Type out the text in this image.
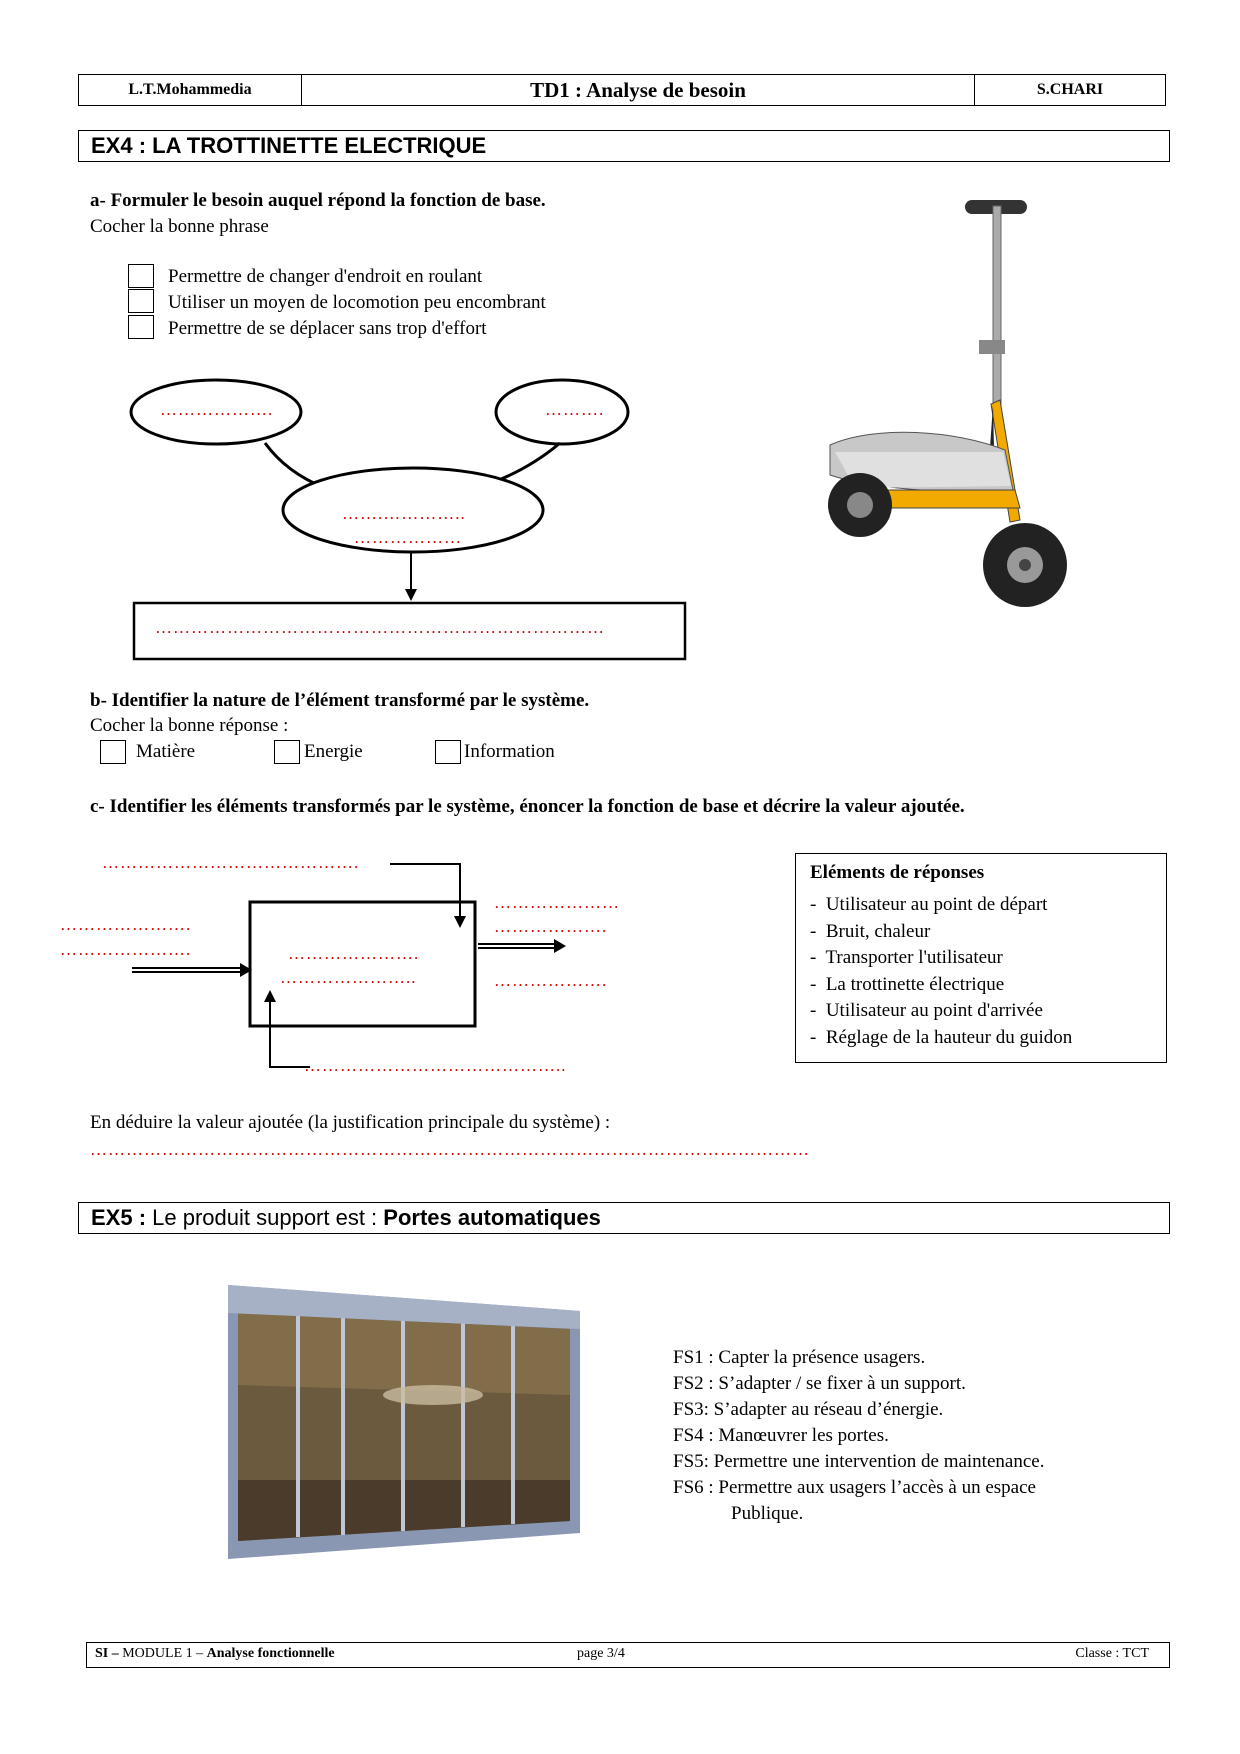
L.T.Mohammedia	TD1 : Analyse de besoin	S.CHARI
EX4 : LA TROTTINETTE ELECTRIQUE
a- Formuler le besoin auquel répond la fonction de base.
Cocher la bonne phrase
Permettre de changer d'endroit en roulant
Utiliser un moyen de locomotion peu encombrant
Permettre de se déplacer sans trop d'effort
……………….	……….
…….…………..
………………
…………………………………………………………………
b- Identifier la nature de l’élément transformé par le système.
Cocher la bonne réponse :
Matière	Energie	Information
c- Identifier les éléments transformés par le système, énoncer la fonction de base et décrire la valeur ajoutée.
…………………………………….
………………….
………………….	………………….
…………………..
…………………
……………….
……………….
……………………………………..
Eléments de réponses
-  Utilisateur au point de départ
-  Bruit, chaleur
-  Transporter l'utilisateur
-  La trottinette électrique
-  Utilisateur au point d'arrivée
-  Réglage de la hauteur du guidon
En déduire la valeur ajoutée (la justification principale du système) :
…………………………………………………………………………………………………………
EX5 : Le produit support est : Portes automatiques
FS1 : Capter la présence usagers.
FS2 : S’adapter / se fixer à un support.
FS3: S’adapter au réseau d’énergie.
FS4 : Manœuvrer les portes.
FS5: Permettre une intervention de maintenance.
FS6 : Permettre aux usagers l’accès à un espace
Publique.
SI – MODULE 1 – Analyse fonctionnelle	page 3/4	Classe : TCT
